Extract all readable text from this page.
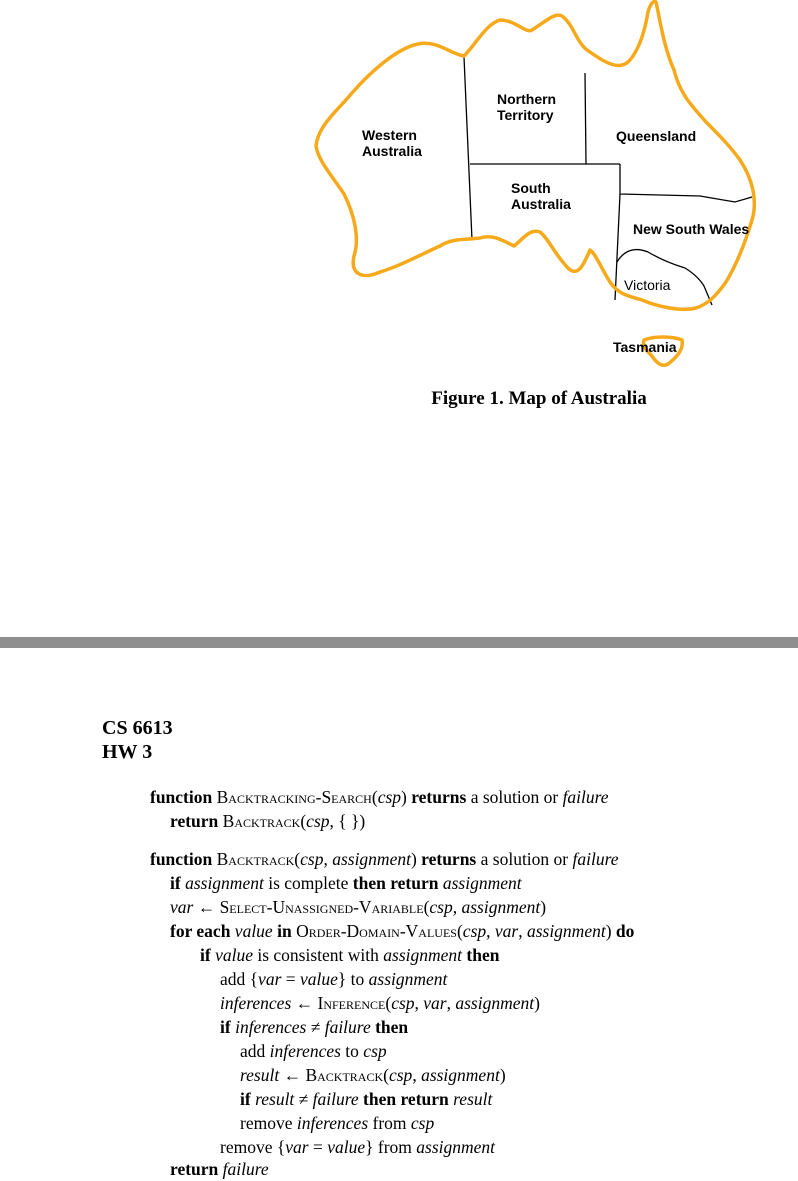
Western Australia
Northern Territory
Queensland
South Australia
New South Wales
Victoria
Tasmania
Figure 1. Map of Australia
CS 6613
HW 3
function Backtracking-Search(csp) returns a solution or failure
return Backtrack(csp, { })
function Backtrack(csp, assignment) returns a solution or failure
if assignment is complete then return assignment
var ← Select-Unassigned-Variable(csp, assignment)
for each value in Order-Domain-Values(csp, var, assignment) do
if value is consistent with assignment then
add {var = value} to assignment
inferences ← Inference(csp, var, assignment)
if inferences ≠ failure then
add inferences to csp
result ← Backtrack(csp, assignment)
if result ≠ failure then return result
remove inferences from csp
remove {var = value} from assignment
return failure
